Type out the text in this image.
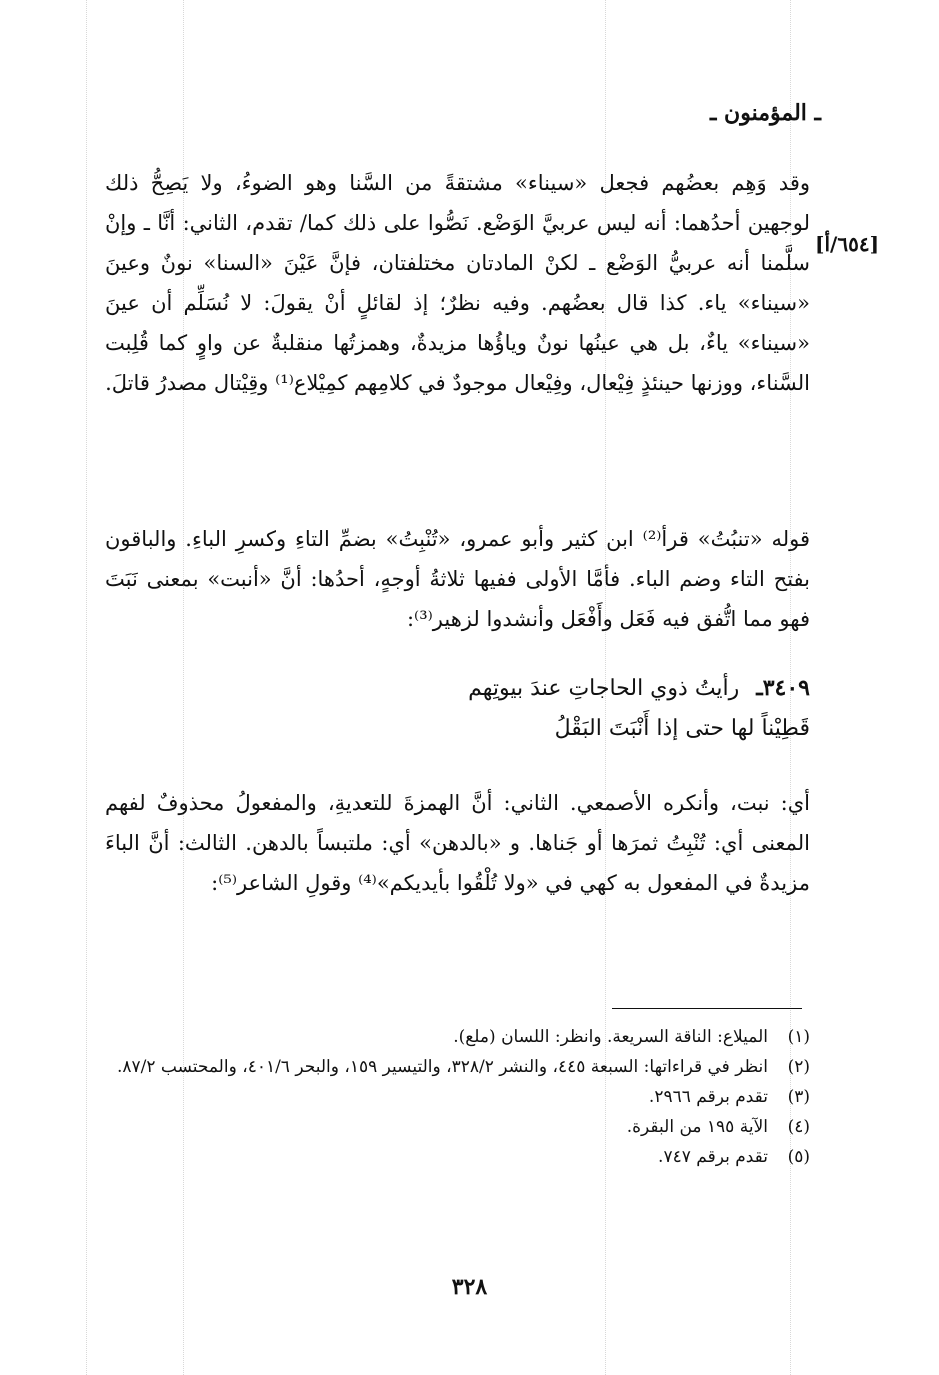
ـ المؤمنون ـ
[٦٥٤/أ]

وقد وَهِم بعضُهم فجعل «سيناء» مشتقةً من السَّنا وهو الضوءُ، ولا يَصِحُّ ذلك لوجهين أحدُهما: أنه ليس عربيَّ الوَضْع. نَصُّوا على ذلك كما/ تقدم، الثاني: أنَّا ـ وإنْ سلَّمنا أنه عربيُّ الوَضْع ـ لكنْ المادتان مختلفتان، فإنَّ عَيْنَ «السنا» نونٌ وعينَ «سيناء» ياء. كذا قال بعضُهم. وفيه نظرٌ؛ إذ لقائلٍ أنْ يقولَ: لا نُسَلِّم أن عينَ «سيناء» ياءٌ، بل هي عينُها نونٌ وياؤُها مزيدةٌ، وهمزتُها منقلبةٌ عن واوٍ كما قُلِبت السَّناء، ووزنها حينئذٍ فِيْعال، وفِيْعال موجودٌ في كلامِهم كمِيْلاع⁽¹⁾ وقِيْتال مصدرُ قاتلَ.

قوله «تنبُتُ» قرأ⁽²⁾ ابن كثير وأبو عمرو، «تُنْبِتُ» بضمِّ التاءِ وكسرِ الباءِ. والباقون بفتح التاء وضم الباء. فأمَّا الأولى ففيها ثلاثةُ أوجهٍ، أحدُها: أنَّ «أنبت» بمعنى نَبَتَ فهو مما اتُّفق فيه فَعَل وأَفْعَل وأنشدوا لزهير⁽³⁾:

٣٤٠٩ـ رأيتُ ذوي الحاجاتِ عندَ بيوتِهم
قَطِيْناً لها حتى إذا أَنْبَتَ البَقْلُ

أي: نبت، وأنكره الأصمعي. الثاني: أنَّ الهمزةَ للتعديةِ، والمفعولُ محذوفٌ لفهم المعنى أي: تُنْبِتُ ثمرَها أو جَناها. و «بالدهن» أي: ملتبساً بالدهن. الثالث: أنَّ الباءَ مزيدةٌ في المفعول به كهي في «ولا تُلْقُوا بأيديكم»⁽⁴⁾ وقولِ الشاعر⁽⁵⁾:

(١)
الميلاع: الناقة السريعة. وانظر: اللسان (ملع).
(٢)
انظر في قراءاتها: السبعة ٤٤٥، والنشر ٣٢٨/٢، والتيسير ١٥٩، والبحر ٤٠١/٦، والمحتسب ٨٧/٢.
(٣)
تقدم برقم ٢٩٦٦.
(٤)
الآية ١٩٥ من البقرة.
(٥)
تقدم برقم ٧٤٧.
٣٢٨
